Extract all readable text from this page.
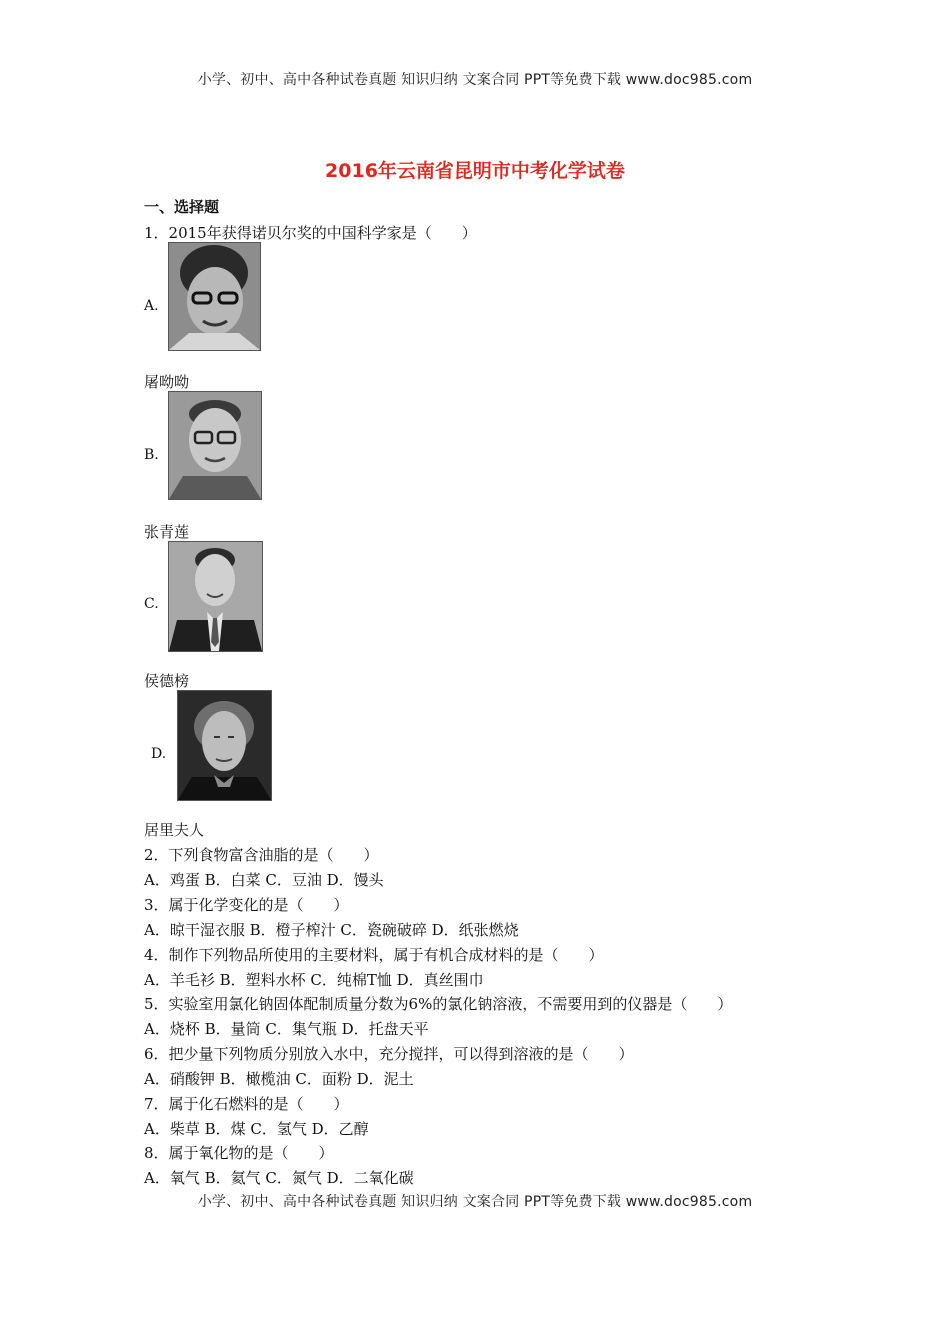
小学、初中、高中各种试卷真题 知识归纳 文案合同 PPT等免费下载 www.doc985.com
2016年云南省昆明市中考化学试卷
一、选择题
1．2015年获得诺贝尔奖的中国科学家是（　　）
A.
屠呦呦
B.
张青莲
C.
侯德榜
D.
居里夫人
2．下列食物富含油脂的是（　　）
A．鸡蛋 B．白菜 C．豆油 D．馒头
3．属于化学变化的是（　　）
A．晾干湿衣服 B．橙子榨汁 C．瓷碗破碎 D．纸张燃烧
4．制作下列物品所使用的主要材料，属于有机合成材料的是（　　）
A．羊毛衫 B．塑料水杯 C．纯棉T恤 D．真丝围巾
5．实验室用氯化钠固体配制质量分数为6%的氯化钠溶液，不需要用到的仪器是（　　）
A．烧杯 B．量筒 C．集气瓶 D．托盘天平
6．把少量下列物质分别放入水中，充分搅拌，可以得到溶液的是（　　）
A．硝酸钾 B．橄榄油 C．面粉 D．泥土
7．属于化石燃料的是（　　）
A．柴草 B．煤 C．氢气 D．乙醇
8．属于氧化物的是（　　）
A．氧气 B．氦气 C．氮气 D．二氧化碳
小学、初中、高中各种试卷真题 知识归纳 文案合同 PPT等免费下载 www.doc985.com
